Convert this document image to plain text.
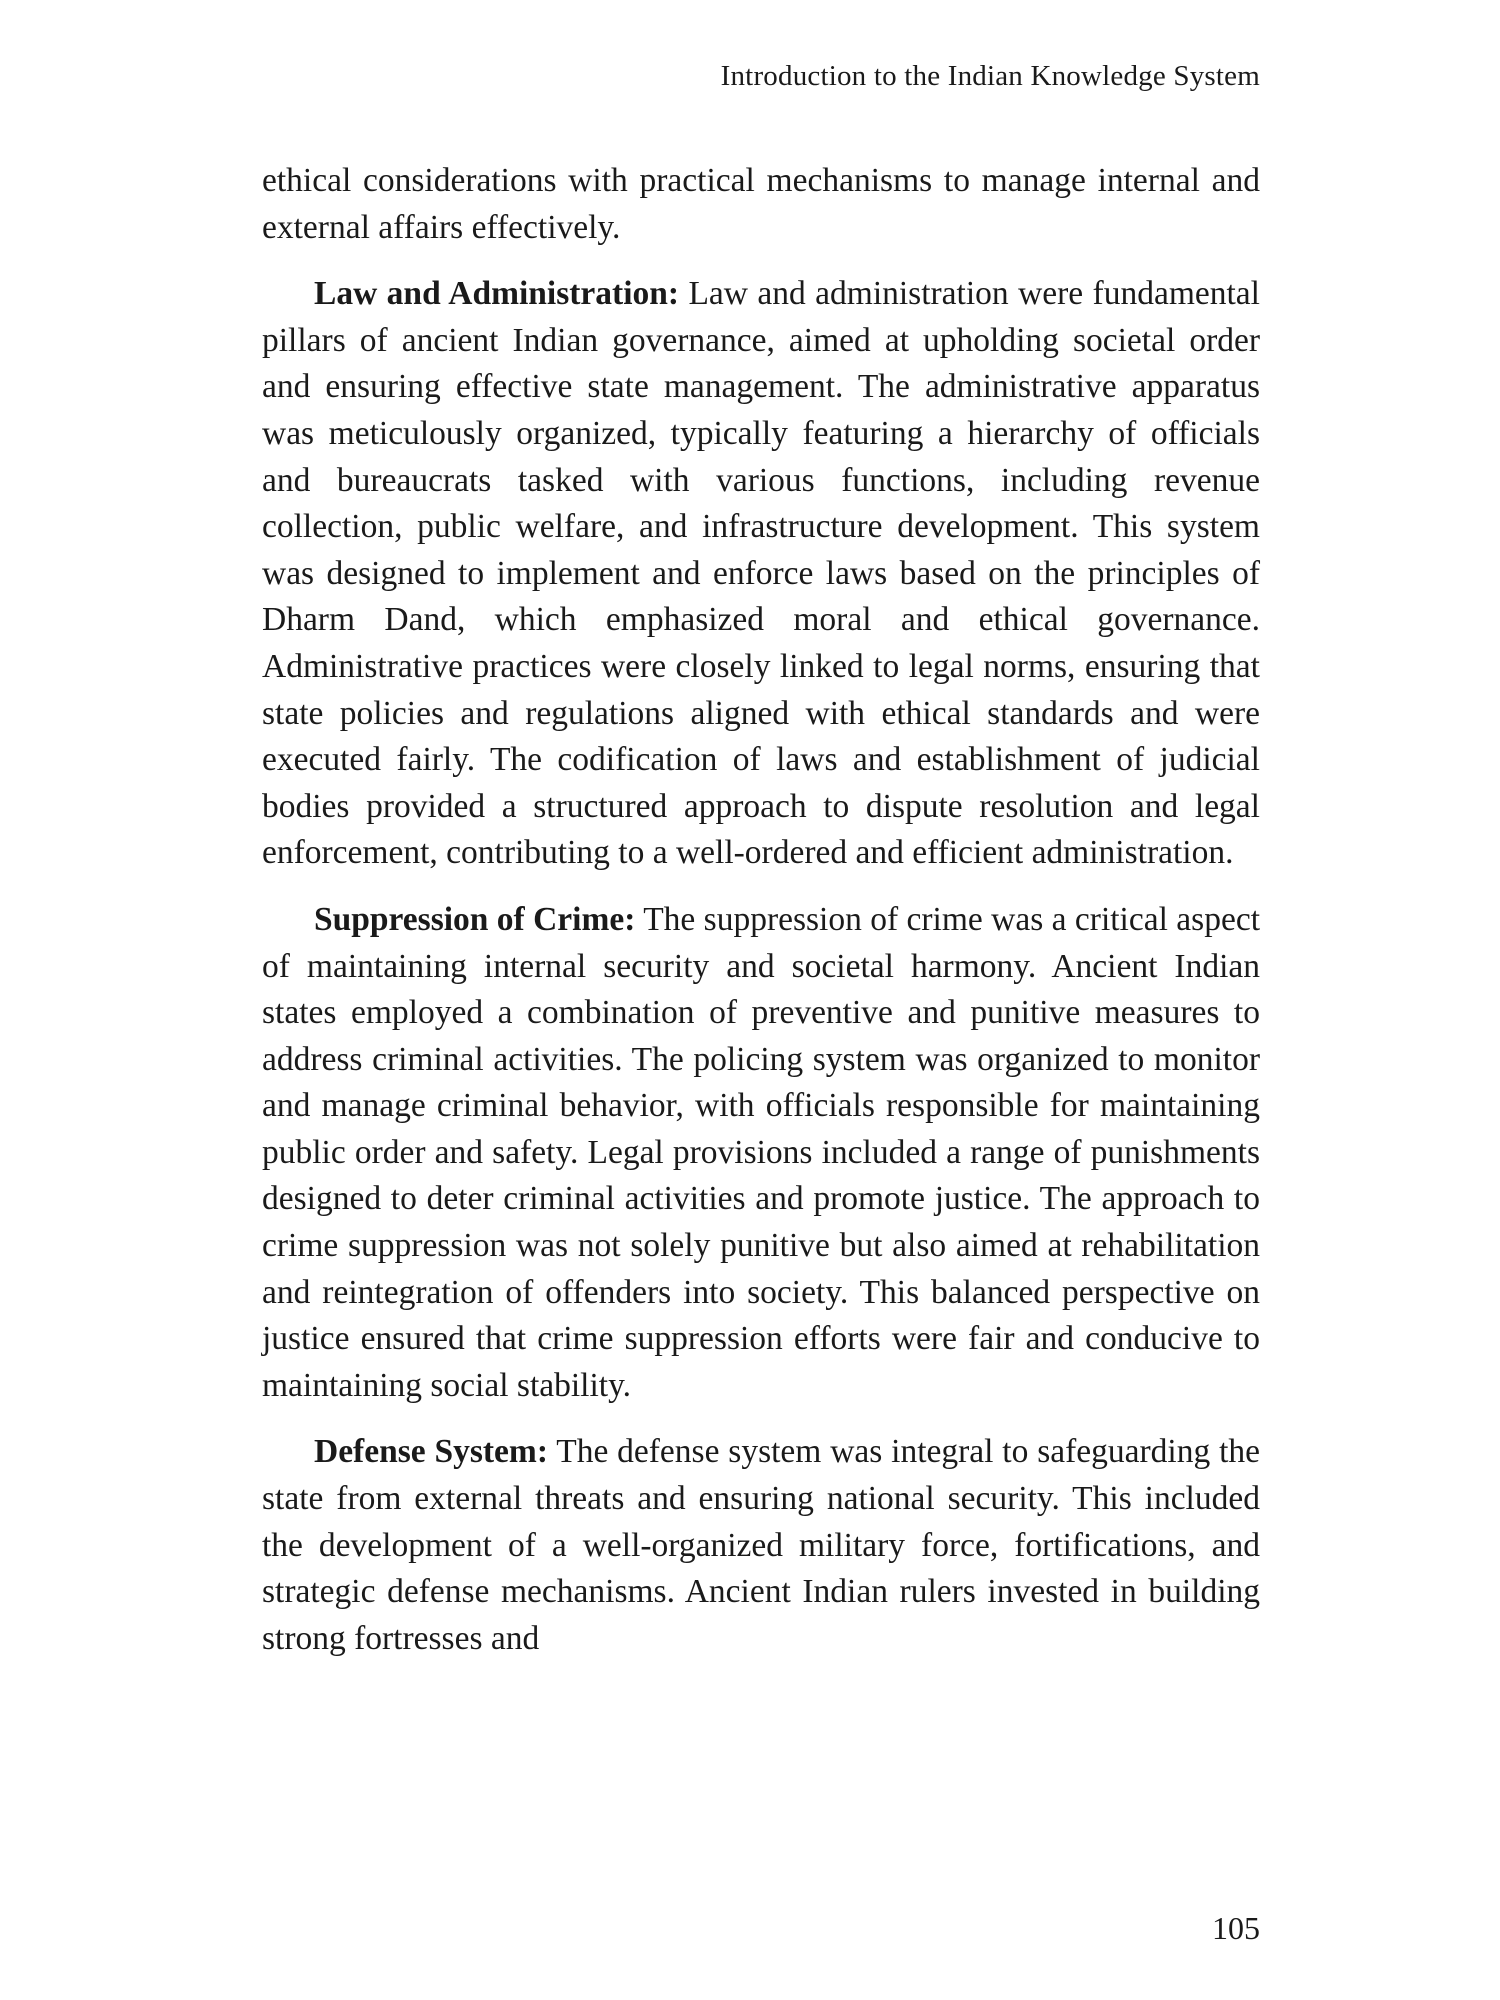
Introduction to the Indian Knowledge System

ethical considerations with practical mechanisms to manage internal and external affairs effectively.

Law and Administration: Law and administration were fundamental pillars of ancient Indian governance, aimed at upholding societal order and ensuring effective state management. The administrative apparatus was meticulously organized, typically featuring a hierarchy of officials and bureaucrats tasked with various functions, including revenue collection, public welfare, and infrastructure development. This system was designed to implement and enforce laws based on the principles of Dharm Dand, which emphasized moral and ethical governance. Administrative practices were closely linked to legal norms, ensuring that state policies and regulations aligned with ethical standards and were executed fairly. The codification of laws and establishment of judicial bodies provided a structured approach to dispute resolution and legal enforcement, contributing to a well-ordered and efficient administration.

Suppression of Crime: The suppression of crime was a critical aspect of maintaining internal security and societal harmony. Ancient Indian states employed a combination of preventive and punitive measures to address criminal activities. The policing system was organized to monitor and manage criminal behavior, with officials responsible for maintaining public order and safety. Legal provisions included a range of punishments designed to deter criminal activities and promote justice. The approach to crime suppression was not solely punitive but also aimed at rehabilitation and reintegration of offenders into society. This balanced perspective on justice ensured that crime suppression efforts were fair and conducive to maintaining social stability.

Defense System: The defense system was integral to safeguarding the state from external threats and ensuring national security. This included the development of a well-organized military force, fortifications, and strategic defense mechanisms. Ancient Indian rulers invested in building strong fortresses and

105
